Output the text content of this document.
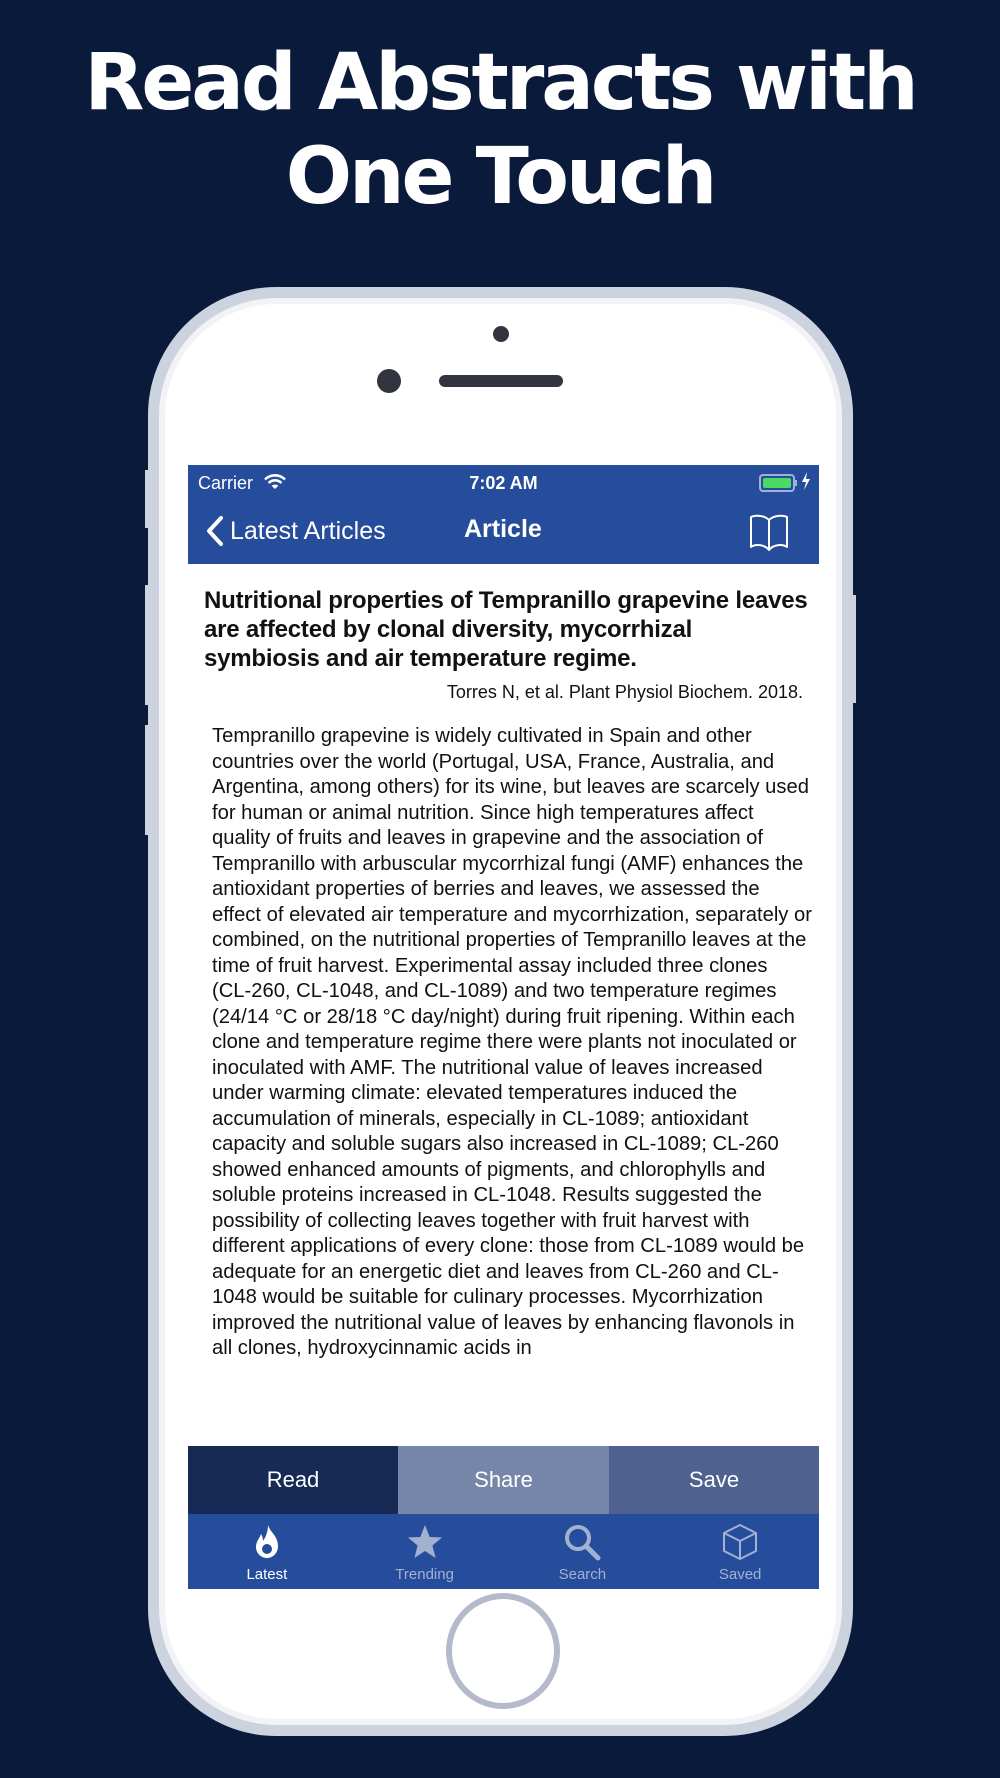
Read Abstracts with
One Touch
Carrier	7:02 AM
Latest Articles	Article
Nutritional properties of Tempranillo grapevine leaves are affected by clonal diversity, mycorrhizal symbiosis and air temperature regime.
Torres N, et al. Plant Physiol Biochem. 2018.
Tempranillo grapevine is widely cultivated in Spain and other countries over the world (Portugal, USA, France, Australia, and Argentina, among others) for its wine, but leaves are scarcely used for human or animal nutrition. Since high temperatures affect quality of fruits and leaves in grapevine and the association of Tempranillo with arbuscular mycorrhizal fungi (AMF) enhances the antioxidant properties of berries and leaves, we assessed the effect of elevated air temperature and mycorrhization, separately or combined, on the nutritional properties of Tempranillo leaves at the time of fruit harvest. Experimental assay included three clones (CL-260, CL-1048, and CL-1089) and two temperature regimes (24/14 °C or 28/18 °C day/night) during fruit ripening. Within each clone and temperature regime there were plants not inoculated or inoculated with AMF. The nutritional value of leaves increased under warming climate: elevated temperatures induced the accumulation of minerals, especially in CL-1089; antioxidant capacity and soluble sugars also increased in CL-1089; CL-260 showed enhanced amounts of pigments, and chlorophylls and soluble proteins increased in CL-1048. Results suggested the possibility of collecting leaves together with fruit harvest with different applications of every clone: those from CL-1089 would be adequate for an energetic diet and leaves from CL-260 and CL-1048 would be suitable for culinary processes. Mycorrhization improved the nutritional value of leaves by enhancing flavonols in all clones, hydroxycinnamic acids in
Read	Share	Save
Latest	Trending	Search	Saved
